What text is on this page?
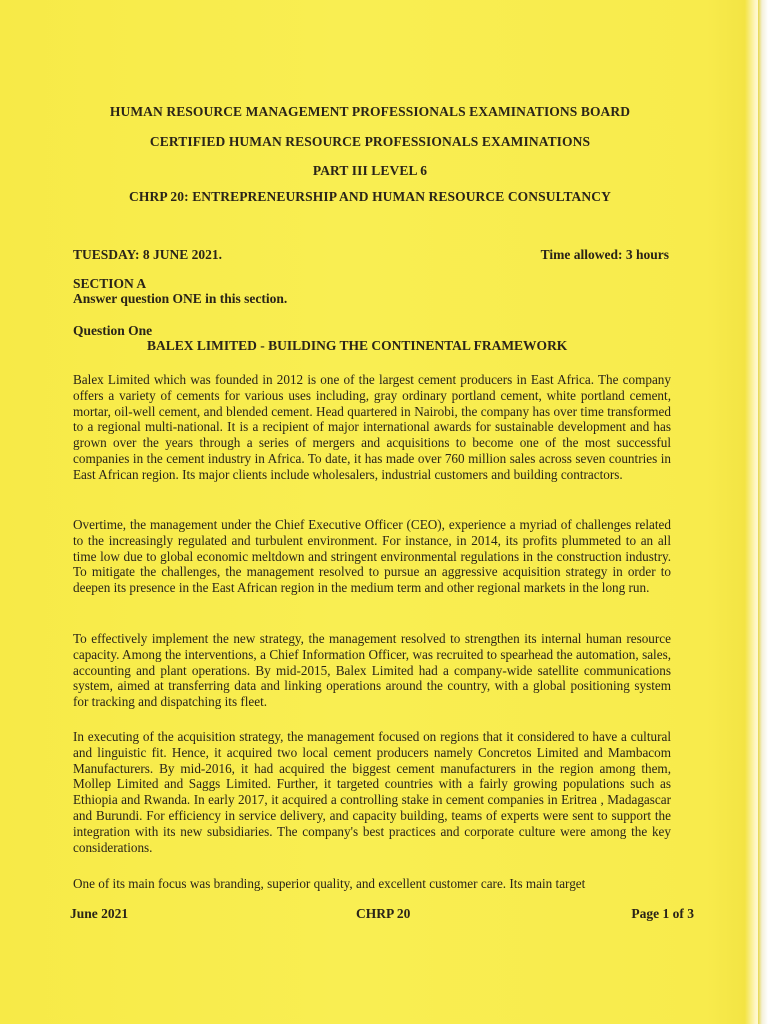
HUMAN RESOURCE MANAGEMENT PROFESSIONALS EXAMINATIONS BOARD
CERTIFIED HUMAN RESOURCE PROFESSIONALS EXAMINATIONS
PART III LEVEL 6
CHRP 20: ENTREPRENEURSHIP AND HUMAN RESOURCE CONSULTANCY
TUESDAY: 8 JUNE 2021.	Time allowed: 3 hours
SECTION A
Answer question ONE in this section.
Question One
BALEX LIMITED - BUILDING THE CONTINENTAL FRAMEWORK
Balex Limited which was founded in 2012 is one of the largest cement producers in East Africa. The company offers a variety of cements for various uses including, gray ordinary portland cement, white portland cement, mortar, oil-well cement, and blended cement. Head quartered in Nairobi, the company has over time transformed to a regional multi-national. It is a recipient of major international awards for sustainable development and has grown over the years through a series of mergers and acquisitions to become one of the most successful companies in the cement industry in Africa. To date, it has made over 760 million sales across seven countries in East African region. Its major clients include wholesalers, industrial customers and building contractors.
Overtime, the management under the Chief Executive Officer (CEO), experience a myriad of challenges related to the increasingly regulated and turbulent environment. For instance, in 2014, its profits plummeted to an all time low due to global economic meltdown and stringent environmental regulations in the construction industry. To mitigate the challenges, the management resolved to pursue an aggressive acquisition strategy in order to deepen its presence in the East African region in the medium term and other regional markets in the long run.
To effectively implement the new strategy, the management resolved to strengthen its internal human resource capacity. Among the interventions, a Chief Information Officer, was recruited to spearhead the automation, sales, accounting and plant operations. By mid-2015, Balex Limited had a company-wide satellite communications system, aimed at transferring data and linking operations around the country, with a global positioning system for tracking and dispatching its fleet.
In executing of the acquisition strategy, the management focused on regions that it considered to have a cultural and linguistic fit. Hence, it acquired two local cement producers namely Concretos Limited and Mambacom Manufacturers. By mid-2016, it had acquired the biggest cement manufacturers in the region among them, Mollep Limited and Saggs Limited. Further, it targeted countries with a fairly growing populations such as Ethiopia and Rwanda. In early 2017, it acquired a controlling stake in cement companies in Eritrea , Madagascar and Burundi. For efficiency in service delivery, and capacity building, teams of experts were sent to support the integration with its new subsidiaries. The company's best practices and corporate culture were among the key considerations.
One of its main focus was branding, superior quality, and excellent customer care. Its main target
June 2021	CHRP 20	Page 1 of 3
